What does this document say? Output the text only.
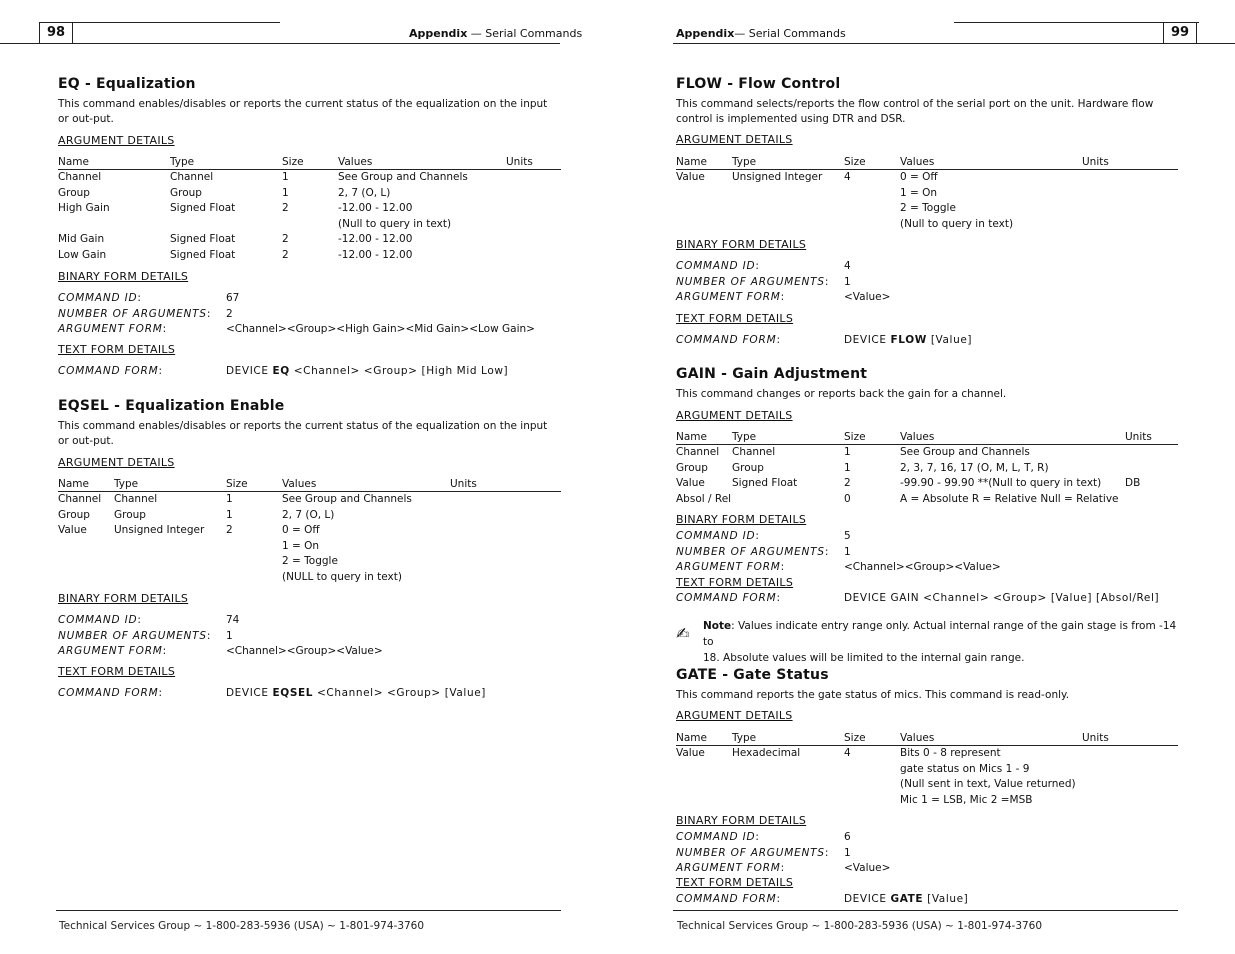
98	Appendix — Serial Commands
EQ - Equalization

This command enables/disables or reports the current status of the equalization on the input or out-put.

ARGUMENT DETAILS
Name	Type	Size	Values	Units
Channel	Channel	1	See Group and Channels	
Group	Group	1	2, 7 (O, L)	
High Gain	Signed Float	2	-12.00 - 12.00	
			(Null to query in text)	
Mid Gain	Signed Float	2	-12.00 - 12.00	
Low Gain	Signed Float	2	-12.00 - 12.00	
BINARY FORM DETAILS
COMMAND ID :	67
NUMBER OF ARGUMENTS : 2
ARGUMENT FORM :	<Channel><Group><High Gain><Mid Gain><Low Gain>
TEXT FORM DETAILS
COMMAND FORM :	DEVICE EQ <Channel> <Group> [High Mid Low]
EQSEL - Equalization Enable

This command enables/disables or reports the current status of the equalization on the input or out-put.

ARGUMENT DETAILS
Name	Type	Size	Values	Units
Channel	Channel	1	See Group and Channels	
Group	Group	1	2, 7 (O, L)	
Value	Unsigned Integer	2	0 = Off	
			1 = On	
			2 = Toggle	
			(NULL to query in text)	
BINARY FORM DETAILS
COMMAND ID :	74
NUMBER OF ARGUMENTS : 1
ARGUMENT FORM :	<Channel><Group><Value>
TEXT FORM DETAILS
COMMAND FORM :	DEVICE EQSEL <Channel> <Group> [Value]
Technical Services Group ~ 1-800-283-5936 (USA) ~ 1-801-974-3760
99
Appendix— Serial Commands
FLOW - Flow Control

This command selects/reports the flow control of the serial port on the unit. Hardware flow control is implemented using DTR and DSR.

ARGUMENT DETAILS
Name	Type	Size	Values	Units
Value	Unsigned Integer	4	0 = Off	
			1 = On	
			2 = Toggle	
			(Null to query in text)	
BINARY FORM DETAILS
COMMAND ID :	4
NUMBER OF ARGUMENTS : 1
ARGUMENT FORM :	<Value>
TEXT FORM DETAILS
COMMAND FORM :	DEVICE FLOW [Value]
GAIN - Gain Adjustment

This command changes or reports back the gain for a channel.

ARGUMENT DETAILS
Name	Type	Size	Values	Units
Channel	Channel	1	See Group and Channels	
Group	Group	1	2, 3, 7, 16, 17 (O, M, L, T, R)	
Value	Signed Float	2	-99.90 - 99.90 **(Null to query in text)	DB
Absol / Rel		0	A = Absolute R = Relative Null = Relative	
BINARY FORM DETAILS
COMMAND ID :	5
NUMBER OF ARGUMENTS : 1
ARGUMENT FORM :	<Channel><Group><Value>
TEXT FORM DETAILS
COMMAND FORM :	DEVICE GAIN <Channel> <Group> [Value] [Absol/Rel]
✍ Note: Values indicate entry range only. Actual internal range of the gain stage is from -14 to
18. Absolute values will be limited to the internal gain range.
GATE - Gate Status

This command reports the gate status of mics. This command is read-only.

ARGUMENT DETAILS
Name	Type	Size	Values	Units
Value	Hexadecimal	4	Bits 0 - 8 represent	
			gate status on Mics 1 - 9	
			(Null sent in text, Value returned)	
			Mic 1 = LSB, Mic 2 =MSB	
BINARY FORM DETAILS
COMMAND ID :	6
NUMBER OF ARGUMENTS : 1
ARGUMENT FORM :	<Value>
TEXT FORM DETAILS
COMMAND FORM :	DEVICE GATE [Value]
Technical Services Group ~ 1-800-283-5936 (USA) ~ 1-801-974-3760
